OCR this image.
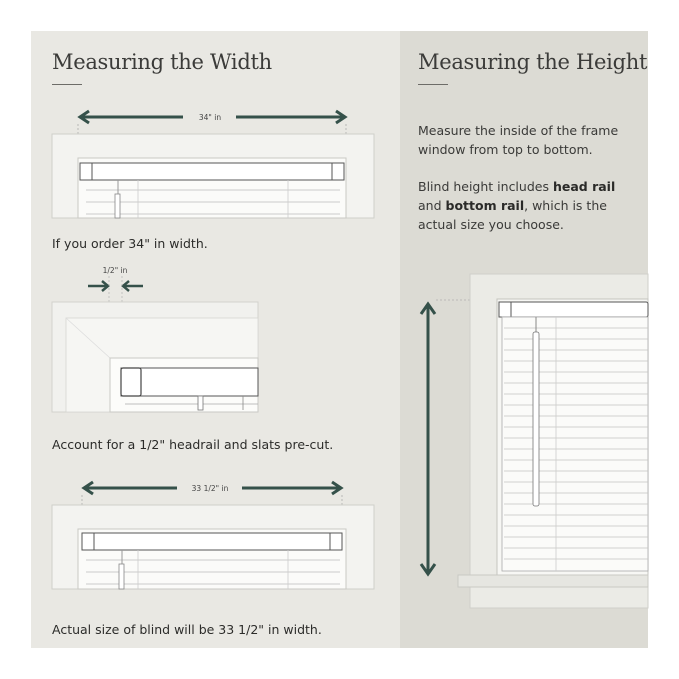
Measuring the Width
34" in
1/2" in
33 1/2" in
If you order 34" in width.
Account for a 1/2" headrail and slats pre-cut.
Actual size of blind will be 33 1/2" in width.
Measuring the Height

Measure the inside of the frame window from top to bottom.

Blind height includes head rail and bottom rail, which is the actual size you choose.
